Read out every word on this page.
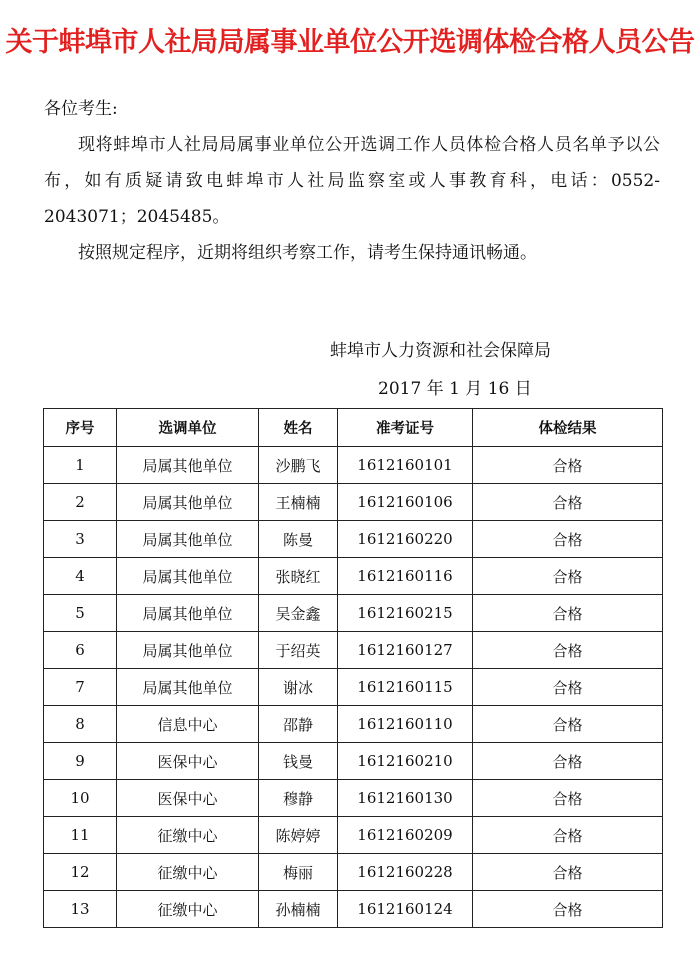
关于蚌埠市人社局局属事业单位公开选调体检合格人员公告
各位考生:

现将蚌埠市人社局局属事业单位公开选调工作人员体检合格人员名单予以公布，如有质疑请致电蚌埠市人社局监察室或人事教育科，电话：0552-2043071；2045485。

按照规定程序，近期将组织考察工作，请考生保持通讯畅通。

蚌埠市人力资源和社会保障局
2017 年 1 月 16 日
序号	选调单位	姓名	准考证号	体检结果
1	局属其他单位	沙鹏飞	1612160101	合格
2	局属其他单位	王楠楠	1612160106	合格
3	局属其他单位	陈曼	1612160220	合格
4	局属其他单位	张晓红	1612160116	合格
5	局属其他单位	吴金鑫	1612160215	合格
6	局属其他单位	于绍英	1612160127	合格
7	局属其他单位	谢冰	1612160115	合格
8	信息中心	邵静	1612160110	合格
9	医保中心	钱曼	1612160210	合格
10	医保中心	穆静	1612160130	合格
11	征缴中心	陈婷婷	1612160209	合格
12	征缴中心	梅丽	1612160228	合格
13	征缴中心	孙楠楠	1612160124	合格
